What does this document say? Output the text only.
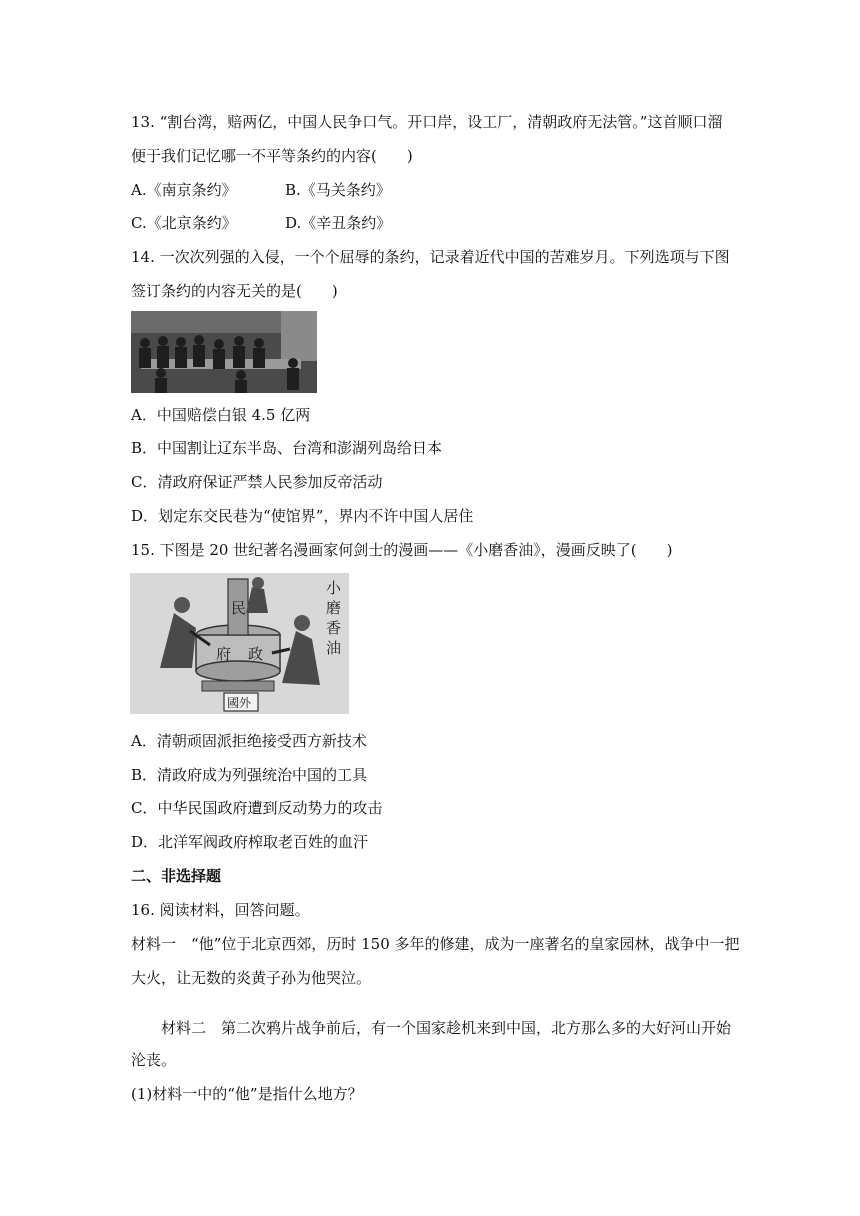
13. “割台湾，赔两亿，中国人民争口气。开口岸，设工厂，清朝政府无法管。”这首顺口溜
便于我们记忆哪一不平等条约的内容(　　)
A.《南京条约》	B.《马关条约》
C.《北京条约》	D.《辛丑条约》
14. 一次次列强的入侵，一个个屈辱的条约，记录着近代中国的苦难岁月。下列选项与下图
签订条约的内容无关的是(　　)
A．中国赔偿白银 4.5 亿两
B．中国割让辽东半岛、台湾和澎湖列岛给日本
C．清政府保证严禁人民参加反帝活动
D．划定东交民巷为“使馆界”，界内不许中国人居住
15. 下图是 20 世纪著名漫画家何剑士的漫画——《小磨香油》，漫画反映了(　　)
民
府 政
國外
小
磨
香
油
A．清朝顽固派拒绝接受西方新技术
B．清政府成为列强统治中国的工具
C．中华民国政府遭到反动势力的攻击
D．北洋军阀政府榨取老百姓的血汗
二、非选择题
16. 阅读材料，回答问题。
材料一　“他”位于北京西郊，历时 150 多年的修建，成为一座著名的皇家园林，战争中一把
大火，让无数的炎黄子孙为他哭泣。
　　材料二　第二次鸦片战争前后，有一个国家趁机来到中国，北方那么多的大好河山开始
沦丧。
(1)材料一中的“他”是指什么地方？
